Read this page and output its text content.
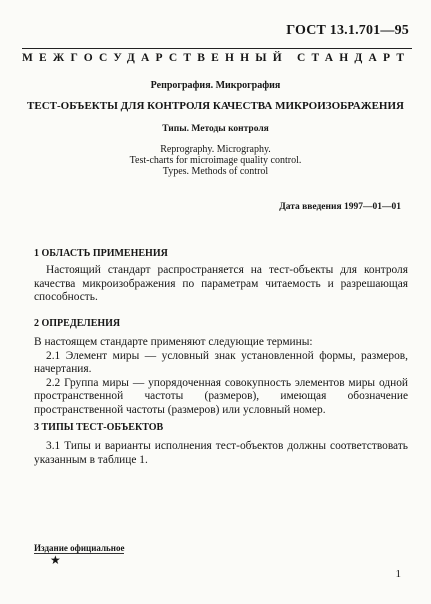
ГОСТ 13.1.701—95
МЕЖГОСУДАРСТВЕННЫЙ СТАНДАРТ
Репрография. Микрография
ТЕСТ-ОБЪЕКТЫ ДЛЯ КОНТРОЛЯ КАЧЕСТВА МИКРОИЗОБРАЖЕНИЯ
Типы. Методы контроля
Reprography. Micrography.
Test-charts for microimage quality control.
Types. Methods of control
Дата введения 1997—01—01
1 ОБЛАСТЬ ПРИМЕНЕНИЯ

Настоящий стандарт распространяется на тест-объекты для контроля качества микроизображения по параметрам читаемость и разрешающая способность.

2 ОПРЕДЕЛЕНИЯ

В настоящем стандарте применяют следующие термины:

2.1 Элемент миры — условный знак установленной формы, размеров, начертания.

2.2 Группа миры — упорядоченная совокупность элементов миры одной пространственной частоты (размеров), имеющая обозначение пространственной частоты (размеров) или условный номер.

3 ТИПЫ ТЕСТ-ОБЪЕКТОВ

3.1 Типы и варианты исполнения тест-объектов должны соответствовать указанным в таблице 1.

Издание официальное
★
1
